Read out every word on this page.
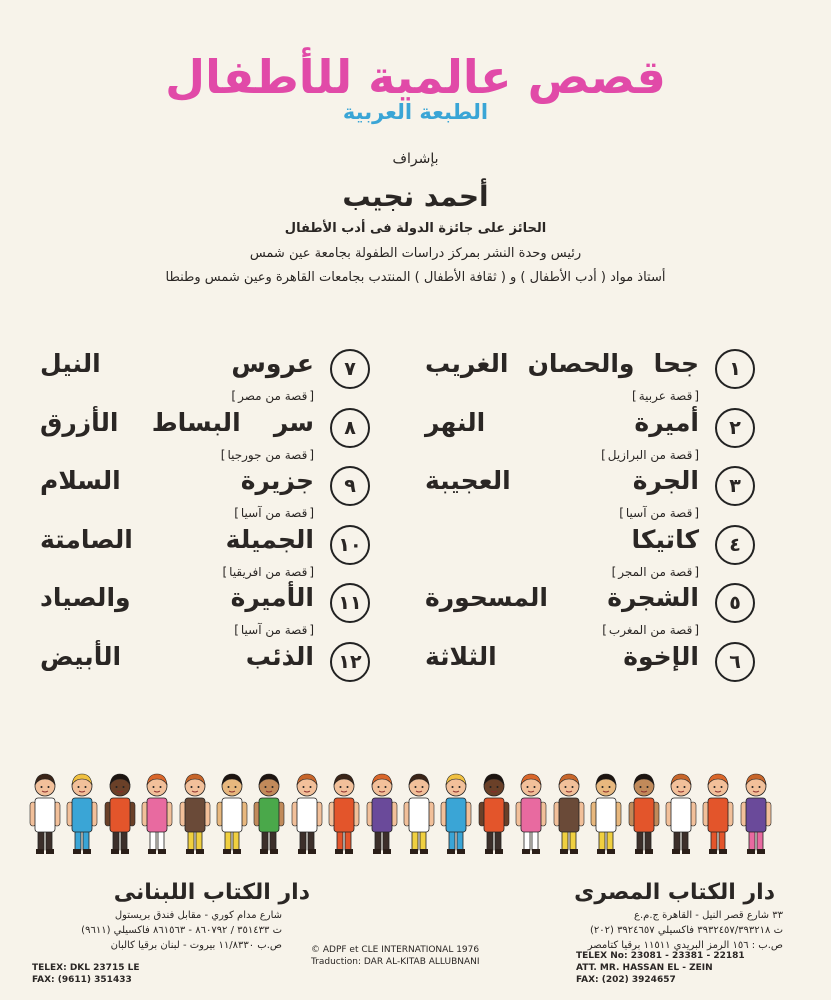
قصص عالمية للأطفال
الطبعة العربية
بإشراف
أحمد نجيب
الحائز على جائزة الدولة فى أدب الأطفال
رئيس وحدة النشر بمركز دراسات الطفولة بجامعة عين شمس
أستاذ مواد ( أدب الأطفال ) و ( ثقافة الأطفال ) المنتدب بجامعات القاهرة وعين شمس وطنطا
١
جحا والحصان الغريب
[ قصة عربية ]
٢
أميرة النهر
[ قصة من البرازيل ]
٣
الجرة العجيبة
[ قصة من آسيا ]
٤
كاتيكا
[ قصة من المجر ]
٥
الشجرة المسحورة
[ قصة من المغرب ]
٦
الإخوة الثلاثة
٧
عروس النيل
[ قصة من مصر ]
٨
سر البساط الأزرق
[ قصة من جورجيا ]
٩
جزيرة السلام
[ قصة من آسيا ]
١٠
الجميلة الصامتة
[ قصة من افريقيا ]
١١
الأميرة والصياد
[ قصة من آسيا ]
١٢
الذئب الأبيض
دار الكتاب المصرى
٣٣ شارع قصر النيل - القاهرة ج.م.ع
ت ٣٩٣٢٤٥٧/٣٩٣٢١٨ فاكسيلي ٣٩٢٤٦٥٧ (٢٠٢)
ص.ب : ١٥٦ الرمز البريدي ١١٥١١ برقيا كتامصر
TELEX No: 23081 - 23381 - 22181
ATT. MR. HASSAN EL - ZEIN
FAX: (202) 3924657
دار الكتاب اللبنانى
شارع مدام كوري - مقابل فندق بريستول
ت ٣٥١٤٣٣ / ٨٦٠٧٩٢ - ٨٦١٥٦٣ فاكسيلي (٩٦١١)
ص.ب ١١/٨٣٣٠ بيروت - لبنان برقيا كالبان
TELEX: DKL 23715 LE
FAX: (9611) 351433
© ADPF et CLE INTERNATIONAL 1976
Traduction: DAR AL-KITAB ALLUBNANI
